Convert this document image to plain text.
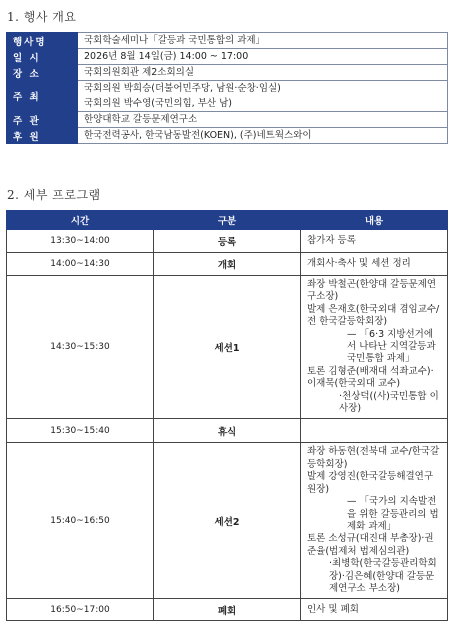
1. 행사 개요
행사명	국회학술세미나「갈등과 국민통합의 과제」
일 시	2026년 8월 14일(금) 14:00 ~ 17:00
장 소	국회의원회관 제2소회의실
주 최	국회의원 박희승(더불어민주당, 남원·순창·임실)
국회의원 박수영(국민의힘, 부산 남)

주 관	한양대학교 갈등문제연구소
후 원	한국전력공사, 한국남동발전(KOEN), (주)네트웍스와이
2. 세부 프로그램
시간	구분	내용
13:30~14:00	등록	참가자 등록
14:00~14:30	개회	개회사·축사 및 세션 정리
14:30~15:30	세션1	좌장 박철곤(한양대 갈등문제연구소장)
발제 은재호(한국외대 겸임교수/전 한국갈등학회장)
— 「6·3 지방선거에서 나타난 지역갈등과 국민통합 과제」
토론 김형준(배재대 석좌교수)·이재묵(한국외대 교수)
·천상덕((사)국민통합 이사장)

15:30~15:40	휴식	
15:40~16:50	세션2	좌장 하동현(전북대 교수/한국갈등학회장)
발제 강영진(한국갈등해결연구원장)
— 「국가의 지속발전을 위한 갈등관리의 법제화 과제」
토론 소성규(대진대 부총장)·권준율(법제처 법제심의관)
·최병학(한국갈등관리학회장)·김은혜(한양대 갈등문제연구소 부소장)

16:50~17:00	폐회	인사 및 폐회
